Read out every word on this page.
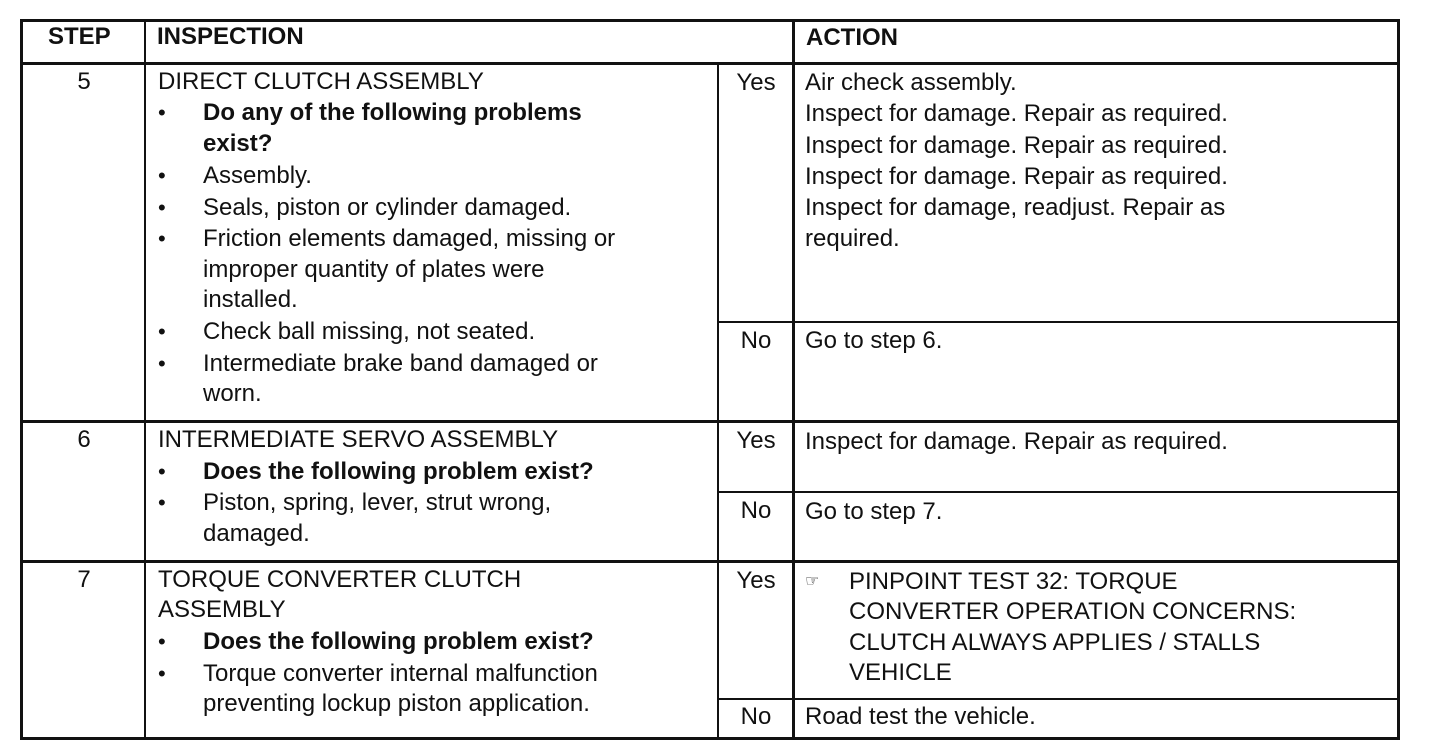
STEP INSPECTION	ACTION
5	DIRECT CLUTCH ASSEMBLY
• Do any of the following problems
exist?
• Assembly.
• Seals, piston or cylinder damaged.
• Friction elements damaged, missing or
improper quantity of plates were
installed.
• Check ball missing, not seated.
• Intermediate brake band damaged or
worn.
Yes	Air check assembly.
Inspect for damage. Repair as required.
Inspect for damage. Repair as required.
Inspect for damage. Repair as required.
Inspect for damage, readjust. Repair as
required.
No	Go to step 6.
6	INTERMEDIATE SERVO ASSEMBLY
• Does the following problem exist?
• Piston, spring, lever, strut wrong,
damaged.
Yes	Inspect for damage. Repair as required.
No	Go to step 7.
7	TORQUE CONVERTER CLUTCH
ASSEMBLY
• Does the following problem exist?
• Torque converter internal malfunction
preventing lockup piston application.
Yes	☞ PINPOINT TEST 32: TORQUE
CONVERTER OPERATION CONCERNS:
CLUTCH ALWAYS APPLIES / STALLS
VEHICLE
No	Road test the vehicle.
